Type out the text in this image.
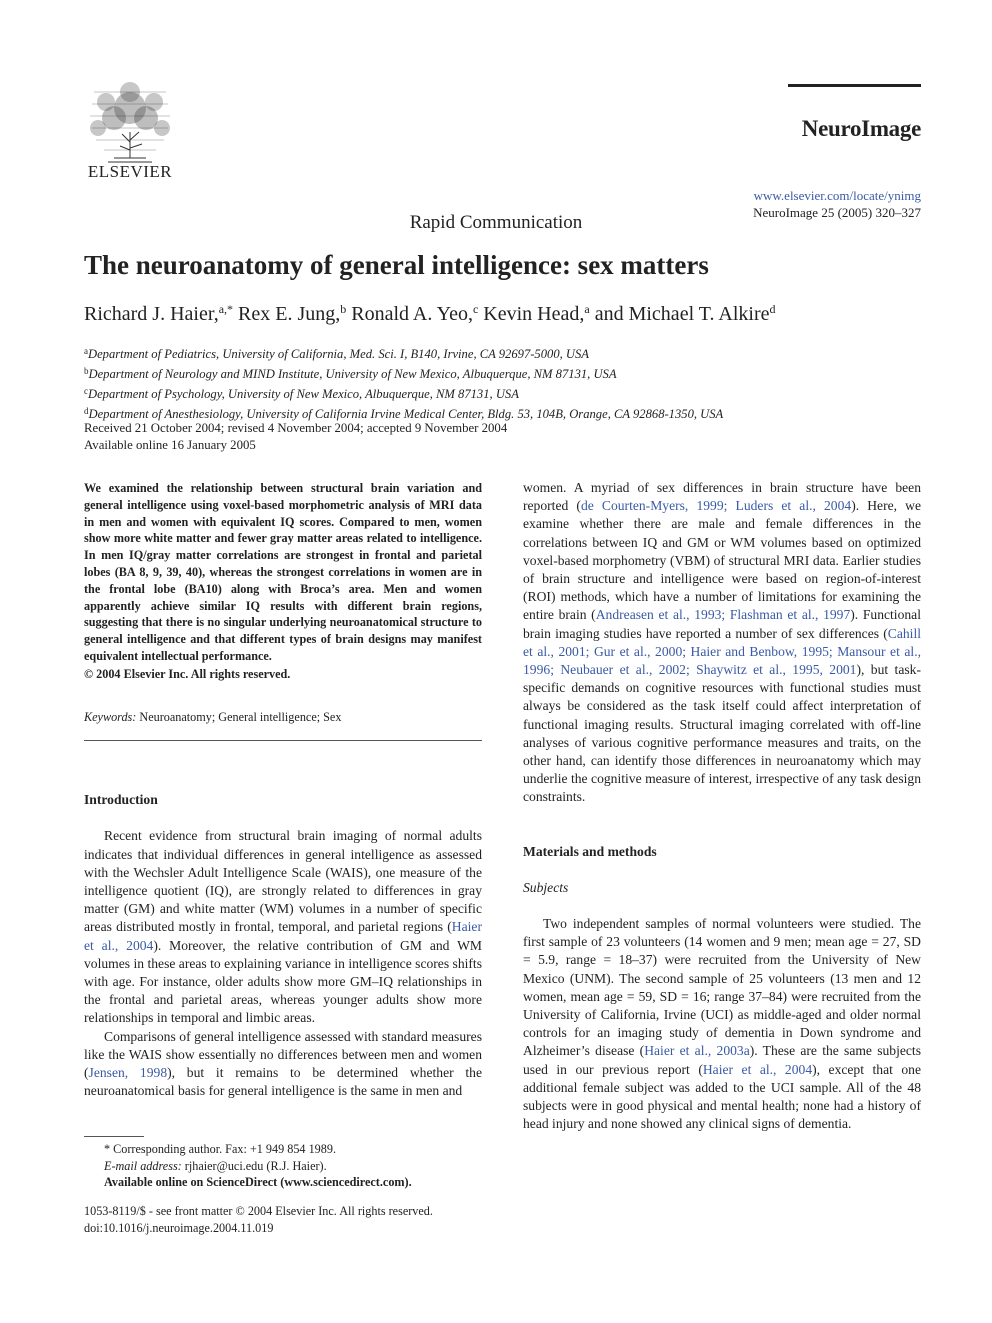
ELSEVIER
NeuroImage
www.elsevier.com/locate/ynimg
NeuroImage 25 (2005) 320–327
Rapid Communication
The neuroanatomy of general intelligence: sex matters
Richard J. Haier,$^{a,*}$ Rex E. Jung,$^b$ Ronald A. Yeo,$^c$ Kevin Head,$^a$ and Michael T. Alkire$^d$
$^a$Department of Pediatrics, University of California, Med. Sci. I, B140, Irvine, CA 92697-5000, USA
$^b$Department of Neurology and MIND Institute, University of New Mexico, Albuquerque, NM 87131, USA
$^c$Department of Psychology, University of New Mexico, Albuquerque, NM 87131, USA
$^d$Department of Anesthesiology, University of California Irvine Medical Center, Bldg. 53, 104B, Orange, CA 92868-1350, USA
Received 21 October 2004; revised 4 November 2004; accepted 9 November 2004
Available online 16 January 2005

We examined the relationship between structural brain variation and general intelligence using voxel-based morphometric analysis of MRI data in men and women with equivalent IQ scores. Compared to men, women show more white matter and fewer gray matter areas related to intelligence. In men IQ/gray matter correlations are strongest in frontal and parietal lobes (BA 8, 9, 39, 40), whereas the strongest correlations in women are in the frontal lobe (BA10) along with Broca’s area. Men and women apparently achieve similar IQ results with different brain regions, suggesting that there is no singular underlying neuroanatomical structure to general intelligence and that different types of brain designs may manifest equivalent intellectual performance.

© 2004 Elsevier Inc. All rights reserved.

Keywords: Neuroanatomy; General intelligence; Sex
Introduction

Recent evidence from structural brain imaging of normal adults indicates that individual differences in general intelligence as assessed with the Wechsler Adult Intelligence Scale (WAIS), one measure of the intelligence quotient (IQ), are strongly related to differences in gray matter (GM) and white matter (WM) volumes in a number of specific areas distributed mostly in frontal, temporal, and parietal regions (Haier et al., 2004). Moreover, the relative contribution of GM and WM volumes in these areas to explaining variance in intelligence scores shifts with age. For instance, older adults show more GM–IQ relationships in the frontal and parietal areas, whereas younger adults show more relationships in temporal and limbic areas.

Comparisons of general intelligence assessed with standard measures like the WAIS show essentially no differences between men and women (Jensen, 1998), but it remains to be determined whether the neuroanatomical basis for general intelligence is the same in men and

* Corresponding author. Fax: +1 949 854 1989.
E-mail address: rjhaier@uci.edu (R.J. Haier).
Available online on ScienceDirect (www.sciencedirect.com).
1053-8119/$ - see front matter © 2004 Elsevier Inc. All rights reserved.
doi:10.1016/j.neuroimage.2004.11.019

women. A myriad of sex differences in brain structure have been reported (de Courten-Myers, 1999; Luders et al., 2004). Here, we examine whether there are male and female differences in the correlations between IQ and GM or WM volumes based on optimized voxel-based morphometry (VBM) of structural MRI data. Earlier studies of brain structure and intelligence were based on region-of-interest (ROI) methods, which have a number of limitations for examining the entire brain (Andreasen et al., 1993; Flashman et al., 1997). Functional brain imaging studies have reported a number of sex differences (Cahill et al., 2001; Gur et al., 2000; Haier and Benbow, 1995; Mansour et al., 1996; Neubauer et al., 2002; Shaywitz et al., 1995, 2001), but task-specific demands on cognitive resources with functional studies must always be considered as the task itself could affect interpretation of functional imaging results. Structural imaging correlated with off-line analyses of various cognitive performance measures and traits, on the other hand, can identify those differences in neuroanatomy which may underlie the cognitive measure of interest, irrespective of any task design constraints.

Materials and methods
Subjects

Two independent samples of normal volunteers were studied. The first sample of 23 volunteers (14 women and 9 men; mean age = 27, SD = 5.9, range = 18–37) were recruited from the University of New Mexico (UNM). The second sample of 25 volunteers (13 men and 12 women, mean age = 59, SD = 16; range 37–84) were recruited from the University of California, Irvine (UCI) as middle-aged and older normal controls for an imaging study of dementia in Down syndrome and Alzheimer’s disease (Haier et al., 2003a). These are the same subjects used in our previous report (Haier et al., 2004), except that one additional female subject was added to the UCI sample. All of the 48 subjects were in good physical and mental health; none had a history of head injury and none showed any clinical signs of dementia.
